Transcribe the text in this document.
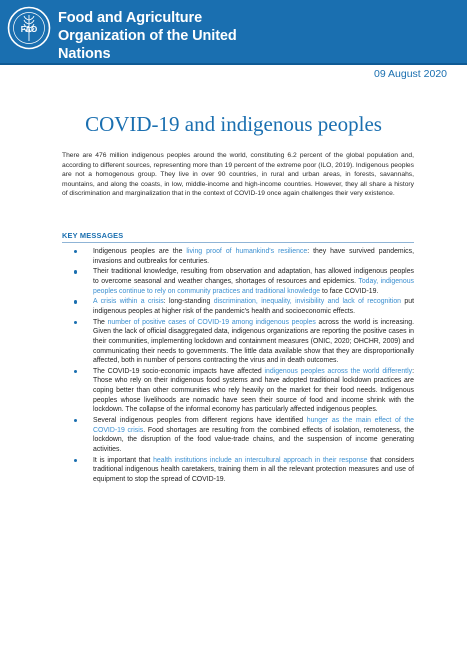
FAO
Food and Agriculture Organization of the United Nations
09 August 2020
COVID-19 and indigenous peoples
There are 476 million indigenous peoples around the world, constituting 6.2 percent of the global population and, according to different sources, representing more than 19 percent of the extreme poor (ILO, 2019). Indigenous peoples are not a homogenous group. They live in over 90 countries, in rural and urban areas, in forests, savannahs, mountains, and along the coasts, in low, middle-income and high-income countries. However, they all share a history of discrimination and marginalization that in the context of COVID-19 once again challenges their very existence.
KEY MESSAGES
Indigenous peoples are the living proof of humankind's resilience: they have survived pandemics, invasions and outbreaks for centuries.
Their traditional knowledge, resulting from observation and adaptation, has allowed indigenous peoples to overcome seasonal and weather changes, shortages of resources and epidemics. Today, indigenous peoples continue to rely on community practices and traditional knowledge to face COVID-19.
A crisis within a crisis: long-standing discrimination, inequality, invisibility and lack of recognition put indigenous peoples at higher risk of the pandemic's health and socioeconomic effects.
The number of positive cases of COVID-19 among indigenous peoples across the world is increasing. Given the lack of official disaggregated data, indigenous organizations are reporting the positive cases in their communities, implementing lockdown and containment measures (ONIC, 2020; OHCHR, 2009) and communicating their needs to governments. The little data available show that they are disproportionally affected, both in number of persons contracting the virus and in death outcomes.
The COVID-19 socio-economic impacts have affected indigenous peoples across the world differently: Those who rely on their indigenous food systems and have adopted traditional lockdown practices are coping better than other communities who rely heavily on the market for their food needs. Indigenous peoples whose livelihoods are nomadic have seen their source of food and income shrink with the lockdown. The collapse of the informal economy has particularly affected indigenous peoples.
Several indigenous peoples from different regions have identified hunger as the main effect of the COVID-19 crisis. Food shortages are resulting from the combined effects of isolation, remoteness, the lockdown, the disruption of the food value-trade chains, and the suspension of income generating activities.
It is important that health institutions include an intercultural approach in their response that considers traditional indigenous health caretakers, training them in all the relevant protection measures and use of equipment to stop the spread of COVID-19.
